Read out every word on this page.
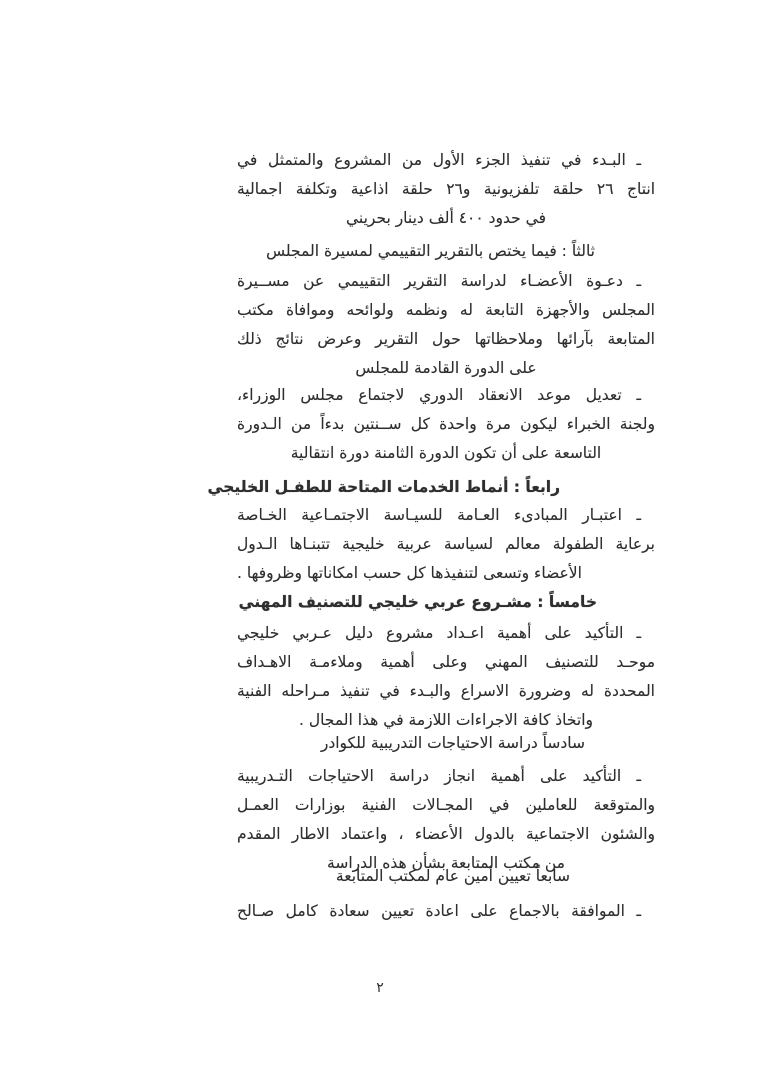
ـ البـدء في تنفيذ الجزء الأول من المشروع والمتمثل في
انتاج ٢٦ حلقة تلفزيونية و٢٦ حلقة اذاعية وتكلفة اجمالية
في حدود ٤٠٠ ألف دينار بحريني
ثالثاً : فيما يختص بالتقرير التقييمي لمسيرة المجلس
ـ دعـوة الأعضـاء لدراسة التقرير التقييمي عن مســيرة
المجلس والأجهزة التابعة له ونظمه ولوائحه وموافاة مكتب
المتابعة بآرائها وملاحظاتها حول التقرير وعرض نتائج ذلك
على الدورة القادمة للمجلس
ـ تعديل موعد الانعقاد الدوري لاجتماع مجلس الوزراء،
ولجنة الخبراء ليكون مرة واحدة كل ســنتين بدءاً من الـدورة
التاسعة على أن تكون الدورة الثامنة دورة انتقالية
رابعاً : أنماط الخدمات المتاحة للطفـل الخليجي
ـ اعتبـار المبادىء العـامة للسيـاسة الاجتمـاعية الخـاصة
برعاية الطفولة معالم لسياسة عربية خليجية تتبنـاها الـدول
الأعضاء وتسعى لتنفيذها كل حسب امكاناتها وظروفها .
خامساً : مشـروع عربي خليجي للتصنيف المهني
ـ التأكيد على أهمية اعـداد مشروع دليل عـربي خليجي
موحـد للتصنيف المهني وعلى أهمية وملاءمـة الاهـداف
المحددة له وضرورة الاسراع والبـدء في تنفيذ مـراحله الفنية
واتخاذ كافة الاجراءات اللازمة في هذا المجال .
سادساً دراسة الاحتياجات التدريبية للكوادر
ـ التأكيد على أهمية انجاز دراسة الاحتياجات التـدريبية
والمتوقعة للعاملين في المجـالات الفنية بوزارات العمـل
والشئون الاجتماعية بالدول الأعضاء ، واعتماد الاطار المقدم
من مكتب المتابعة بشأن هذه الدراسة
سابعاً تعيين أمين عام لمكتب المتابعة
ـ الموافقة بالاجماع على اعادة تعيين سعادة كامل صـالح
٢
